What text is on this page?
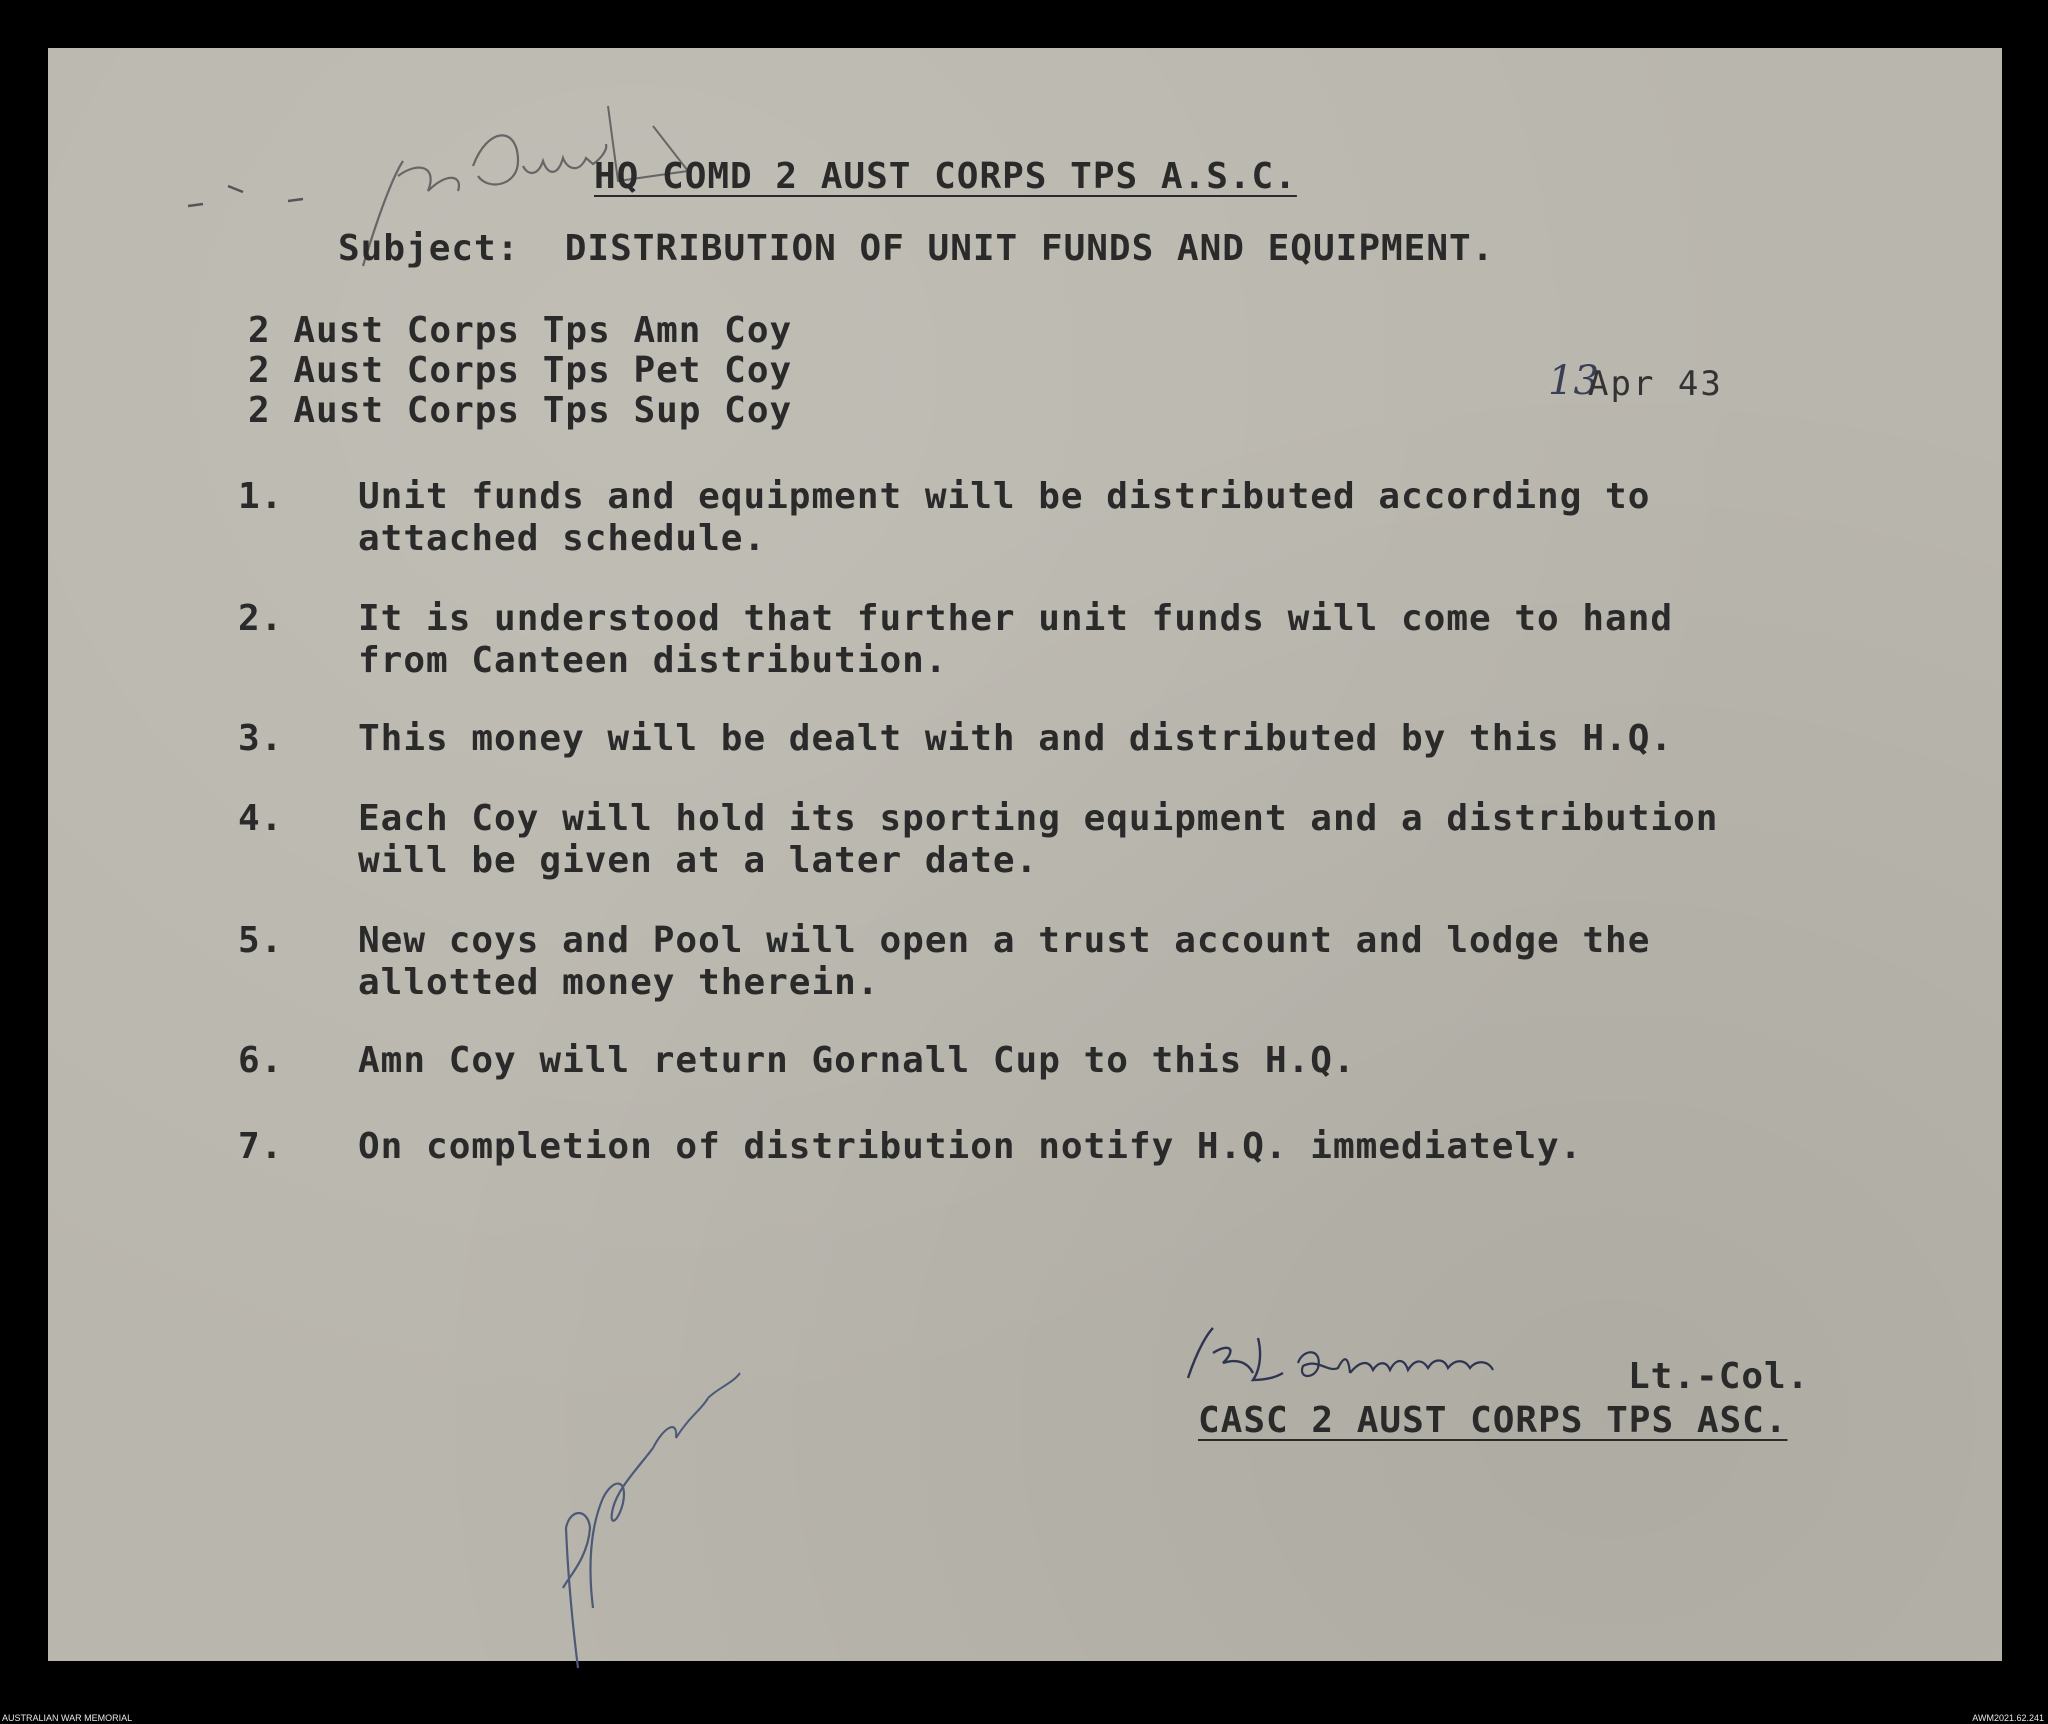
HQ COMD 2 AUST CORPS TPS A.S.C.
Subject:  DISTRIBUTION OF UNIT FUNDS AND EQUIPMENT.
2 Aust Corps Tps Amn Coy
2 Aust Corps Tps Pet Coy
2 Aust Corps Tps Sup Coy
13
Apr 43
1. Unit funds and equipment will be distributed according to
attached schedule.
2. It is understood that further unit funds will come to hand
from Canteen distribution.
3. This money will be dealt with and distributed by this H.Q.
4. Each Coy will hold its sporting equipment and a distribution
will be given at a later date.
5. New coys and Pool will open a trust account and lodge the
allotted money therein.
6. Amn Coy will return Gornall Cup to this H.Q.
7. On completion of distribution notify H.Q. immediately.
Lt.-Col.
CASC 2 AUST CORPS TPS ASC.
AUSTRALIAN WAR MEMORIAL	AWM2021.62.241
